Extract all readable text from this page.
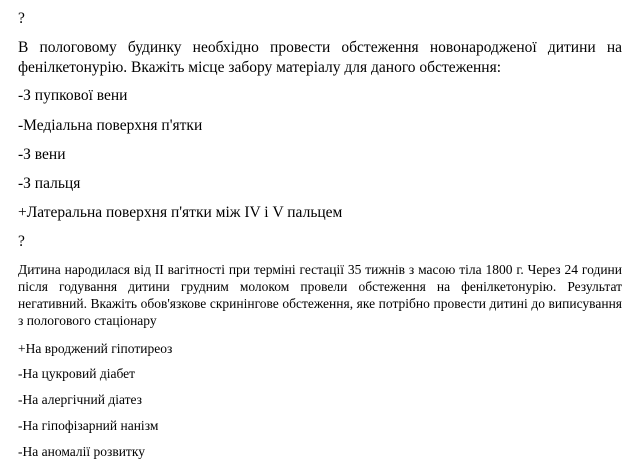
?
В пологовому будинку необхідно провести обстеження новонародженої дитини на фенілкетонурію. Вкажіть місце забору матеріалу для даного обстеження:
-З пупкової вени
-Медіальна поверхня п'ятки
-З вени
-З пальця
+Латеральна поверхня п'ятки між IV і V пальцем
?
Дитина народилася від ІІ вагітності при терміні гестації 35 тижнів з масою тіла 1800 г. Через 24 години після годування дитини грудним молоком провели обстеження на фенілкетонурію. Результат негативний. Вкажіть обов'язкове скринінгове обстеження, яке потрібно провести дитині до виписування з пологового стаціонару
+На вроджений гіпотиреоз
-На цукровий діабет
-На алергічний діатез
-На гіпофізарний нанізм
-На аномалії розвитку
